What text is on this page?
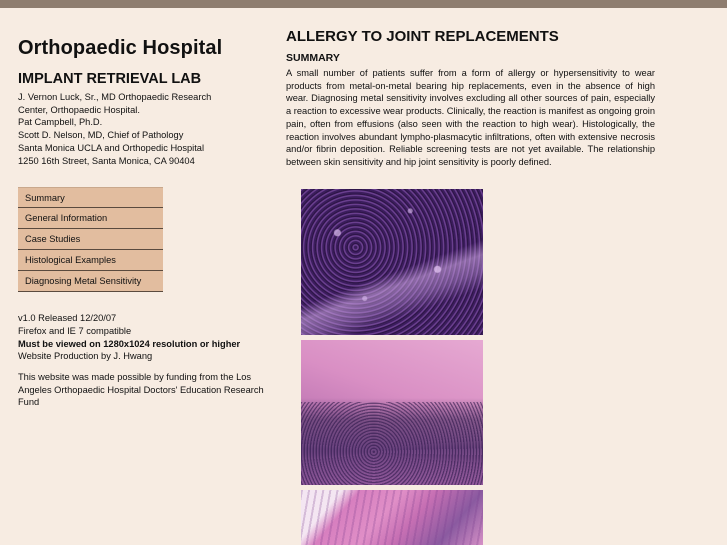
Orthopaedic Hospital
IMPLANT RETRIEVAL LAB
J. Vernon Luck, Sr., MD Orthopaedic Research
Center, Orthopaedic Hospital.
Pat Campbell, Ph.D.
Scott D. Nelson, MD, Chief of Pathology
Santa Monica UCLA and Orthopedic Hospital
1250 16th Street, Santa Monica, CA 90404
Summary
General Information
Case Studies
Histological Examples
Diagnosing Metal Sensitivity
v1.0 Released 12/20/07
Firefox and IE 7 compatible
Must be viewed on 1280x1024 resolution or higher
Website Production by J. Hwang
This website was made possible by funding from the Los Angeles Orthopaedic Hospital Doctors' Education Research Fund
ALLERGY TO JOINT REPLACEMENTS
SUMMARY

A small number of patients suffer from a form of allergy or hypersensitivity to wear products from metal-on-metal bearing hip replacements, even in the absence of high wear. Diagnosing metal sensitivity involves excluding all other sources of pain, especially a reaction to excessive wear products. Clinically, the reaction is manifest as ongoing groin pain, often from effusions (also seen with the reaction to high wear). Histologically, the reaction involves abundant lympho-plasmacytic infiltrations, often with extensive necrosis and/or fibrin deposition. Reliable screening tests are not yet available. The relationship between skin sensitivity and hip joint sensitivity is poorly defined.
